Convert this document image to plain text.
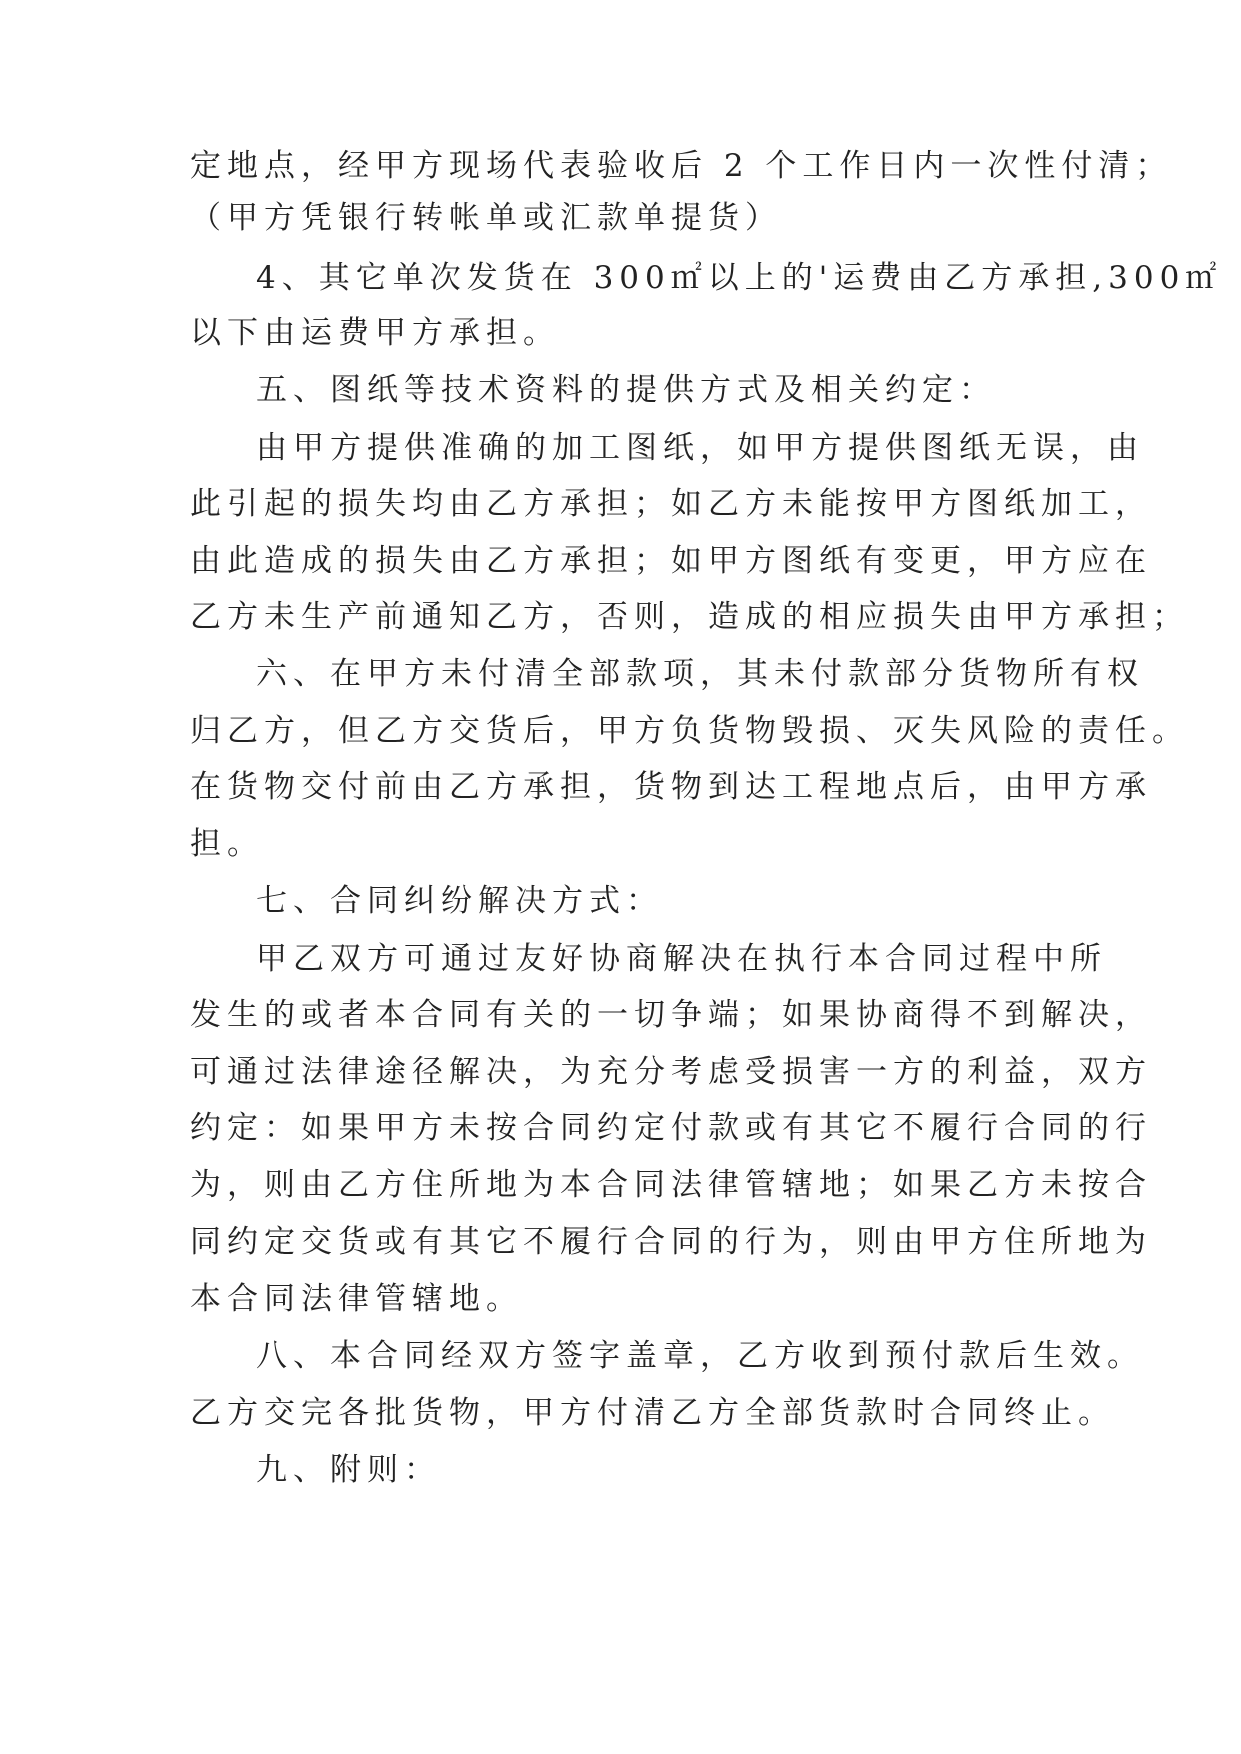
定地点，经甲方现场代表验收后 2 个工作日内一次性付清；
（甲方凭银行转帐单或汇款单提货）
4、其它单次发货在 300㎡以上的'运费由乙方承担,300㎡
以下由运费甲方承担。
五、图纸等技术资料的提供方式及相关约定：
由甲方提供准确的加工图纸，如甲方提供图纸无误，由
此引起的损失均由乙方承担；如乙方未能按甲方图纸加工，
由此造成的损失由乙方承担；如甲方图纸有变更，甲方应在
乙方未生产前通知乙方，否则，造成的相应损失由甲方承担；
六、在甲方未付清全部款项，其未付款部分货物所有权
归乙方，但乙方交货后，甲方负货物毁损、灭失风险的责任。
在货物交付前由乙方承担，货物到达工程地点后，由甲方承
担。
七、合同纠纷解决方式：
甲乙双方可通过友好协商解决在执行本合同过程中所
发生的或者本合同有关的一切争端；如果协商得不到解决，
可通过法律途径解决，为充分考虑受损害一方的利益，双方
约定：如果甲方未按合同约定付款或有其它不履行合同的行
为，则由乙方住所地为本合同法律管辖地；如果乙方未按合
同约定交货或有其它不履行合同的行为，则由甲方住所地为
本合同法律管辖地。
八、本合同经双方签字盖章，乙方收到预付款后生效。
乙方交完各批货物，甲方付清乙方全部货款时合同终止。
九、附则：
